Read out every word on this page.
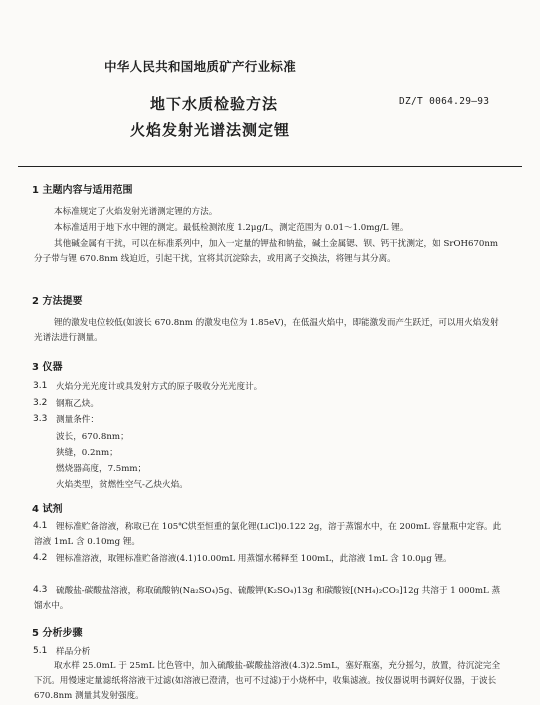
中华人民共和国地质矿产行业标准
地下水质检验方法
火焰发射光谱法测定锂
DZ/T 0064.29—93
1 主题内容与适用范围
本标准规定了火焰发射光谱测定锂的方法。
本标准适用于地下水中锂的测定。最低检测浓度 1.2μg/L，测定范围为 0.01～1.0mg/L 锂。
其他碱金属有干扰，可以在标准系列中，加入一定量的钾盐和钠盐，碱土金属锶、钡、钙干扰测定，如 SrOH670nm 分子带与锂 670.8nm 线迫近，引起干扰，宜将其沉淀除去，或用离子交换法，将锂与其分离。
2 方法提要
锂的激发电位较低(如波长 670.8nm 的激发电位为 1.85eV)，在低温火焰中，即能激发而产生跃迁，可以用火焰发射光谱法进行测量。
3 仪器
3.1 火焰分光光度计或具发射方式的原子吸收分光光度计。
3.2 钢瓶乙炔。
3.3 测量条件：
波长，670.8nm；
狭缝，0.2nm；
燃烧器高度，7.5mm；
火焰类型，贫燃性空气-乙炔火焰。
4 试剂
4.1	锂标准贮备溶液，称取已在 105℃烘至恒重的氯化锂(LiCl)0.122 2g，溶于蒸馏水中，在 200mL 容量瓶中定容。此溶液 1mL 含 0.10mg 锂。
4.2	锂标准溶液，取锂标准贮备溶液(4.1)10.00mL 用蒸馏水稀释至 100mL，此溶液 1mL 含 10.0μg 锂。
4.3	硫酸盐-碳酸盐溶液，称取硫酸钠(Na₂SO₄)5g、硫酸钾(K₂SO₄)13g 和碳酸铵[(NH₄)₂CO₃]12g 共溶于 1 000mL 蒸馏水中。
5 分析步骤
5.1 样品分析
取水样 25.0mL 于 25mL 比色管中，加入硫酸盐-碳酸盐溶液(4.3)2.5mL，塞好瓶塞，充分摇匀，放置，待沉淀完全下沉。用慢速定量滤纸将溶液干过滤(如溶液已澄清，也可不过滤)于小烧杯中，收集滤液。按仪器说明书调好仪器，于波长 670.8nm 测量其发射强度。
